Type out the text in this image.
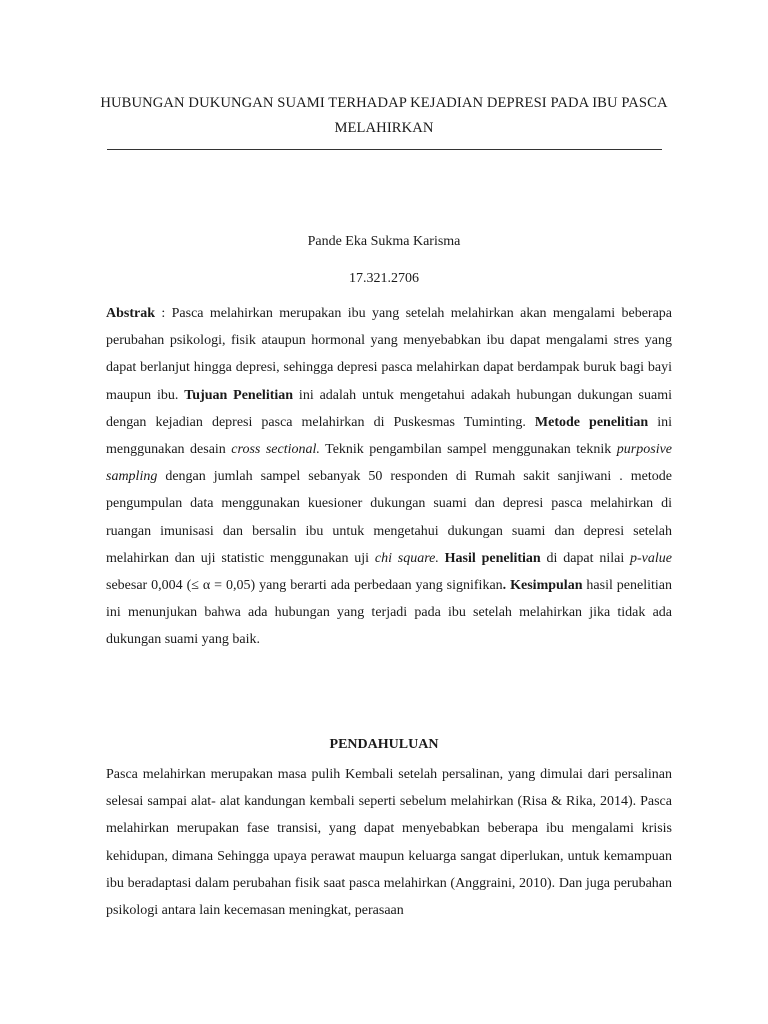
HUBUNGAN DUKUNGAN SUAMI TERHADAP KEJADIAN DEPRESI PADA IBU PASCA MELAHIRKAN
Pande Eka Sukma Karisma
17.321.2706

Abstrak : Pasca melahirkan merupakan ibu yang setelah melahirkan akan mengalami beberapa perubahan psikologi, fisik ataupun hormonal yang menyebabkan ibu dapat mengalami stres yang dapat berlanjut hingga depresi, sehingga depresi pasca melahirkan dapat berdampak buruk bagi bayi maupun ibu. Tujuan Penelitian ini adalah untuk mengetahui adakah hubungan dukungan suami dengan kejadian depresi pasca melahirkan di Puskesmas Tuminting. Metode penelitian ini menggunakan desain cross sectional. Teknik pengambilan sampel menggunakan teknik purposive sampling dengan jumlah sampel sebanyak 50 responden di Rumah sakit sanjiwani . metode pengumpulan data menggunakan kuesioner dukungan suami dan depresi pasca melahirkan di ruangan imunisasi dan bersalin ibu untuk mengetahui dukungan suami dan depresi setelah melahirkan dan uji statistic menggunakan uji chi square. Hasil penelitian di dapat nilai p-value sebesar 0,004 (≤ α = 0,05) yang berarti ada perbedaan yang signifikan. Kesimpulan hasil penelitian ini menunjukan bahwa ada hubungan yang terjadi pada ibu setelah melahirkan jika tidak ada dukungan suami yang baik.

PENDAHULUAN

Pasca melahirkan merupakan masa pulih Kembali setelah persalinan, yang dimulai dari persalinan selesai sampai alat- alat kandungan kembali seperti sebelum melahirkan (Risa & Rika, 2014). Pasca melahirkan merupakan fase transisi, yang dapat menyebabkan beberapa ibu mengalami krisis kehidupan, dimana Sehingga upaya perawat maupun keluarga sangat diperlukan, untuk kemampuan ibu beradaptasi dalam perubahan fisik saat pasca melahirkan (Anggraini, 2010). Dan juga perubahan psikologi antara lain kecemasan meningkat, perasaan
